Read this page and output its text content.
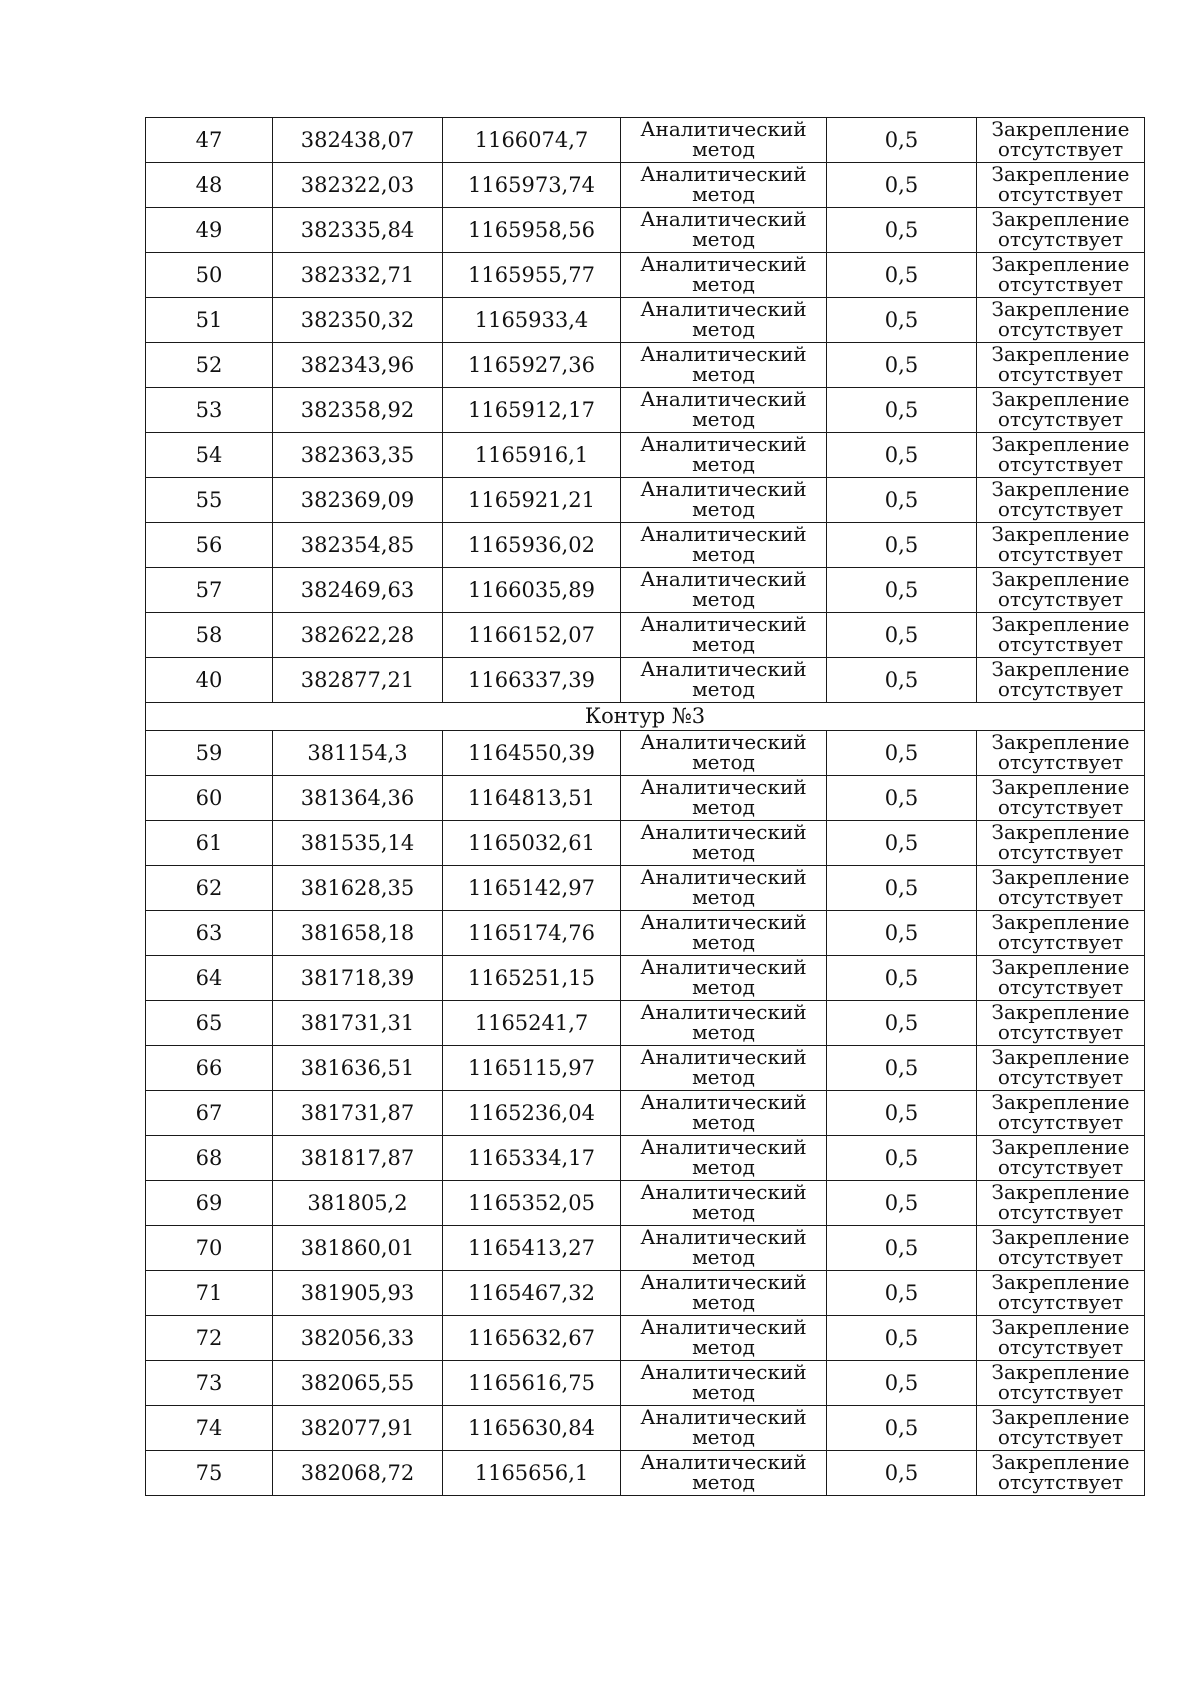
47	382438,07	1166074,7	Аналитический
метод	0,5	Закрепление
отсутствует

48	382322,03	1165973,74	Аналитический
метод	0,5	Закрепление
отсутствует

49	382335,84	1165958,56	Аналитический
метод	0,5	Закрепление
отсутствует

50	382332,71	1165955,77	Аналитический
метод	0,5	Закрепление
отсутствует

51	382350,32	1165933,4	Аналитический
метод	0,5	Закрепление
отсутствует

52	382343,96	1165927,36	Аналитический
метод	0,5	Закрепление
отсутствует

53	382358,92	1165912,17	Аналитический
метод	0,5	Закрепление
отсутствует

54	382363,35	1165916,1	Аналитический
метод	0,5	Закрепление
отсутствует

55	382369,09	1165921,21	Аналитический
метод	0,5	Закрепление
отсутствует

56	382354,85	1165936,02	Аналитический
метод	0,5	Закрепление
отсутствует

57	382469,63	1166035,89	Аналитический
метод	0,5	Закрепление
отсутствует

58	382622,28	1166152,07	Аналитический
метод	0,5	Закрепление
отсутствует

40	382877,21	1166337,39	Аналитический
метод	0,5	Закрепление
отсутствует

Контур №3					
59	381154,3	1164550,39	Аналитический
метод	0,5	Закрепление
отсутствует

60	381364,36	1164813,51	Аналитический
метод	0,5	Закрепление
отсутствует

61	381535,14	1165032,61	Аналитический
метод	0,5	Закрепление
отсутствует

62	381628,35	1165142,97	Аналитический
метод	0,5	Закрепление
отсутствует

63	381658,18	1165174,76	Аналитический
метод	0,5	Закрепление
отсутствует

64	381718,39	1165251,15	Аналитический
метод	0,5	Закрепление
отсутствует

65	381731,31	1165241,7	Аналитический
метод	0,5	Закрепление
отсутствует

66	381636,51	1165115,97	Аналитический
метод	0,5	Закрепление
отсутствует

67	381731,87	1165236,04	Аналитический
метод	0,5	Закрепление
отсутствует

68	381817,87	1165334,17	Аналитический
метод	0,5	Закрепление
отсутствует

69	381805,2	1165352,05	Аналитический
метод	0,5	Закрепление
отсутствует

70	381860,01	1165413,27	Аналитический
метод	0,5	Закрепление
отсутствует

71	381905,93	1165467,32	Аналитический
метод	0,5	Закрепление
отсутствует

72	382056,33	1165632,67	Аналитический
метод	0,5	Закрепление
отсутствует

73	382065,55	1165616,75	Аналитический
метод	0,5	Закрепление
отсутствует

74	382077,91	1165630,84	Аналитический
метод	0,5	Закрепление
отсутствует

75	382068,72	1165656,1	Аналитический
метод	0,5	Закрепление
отсутствует
